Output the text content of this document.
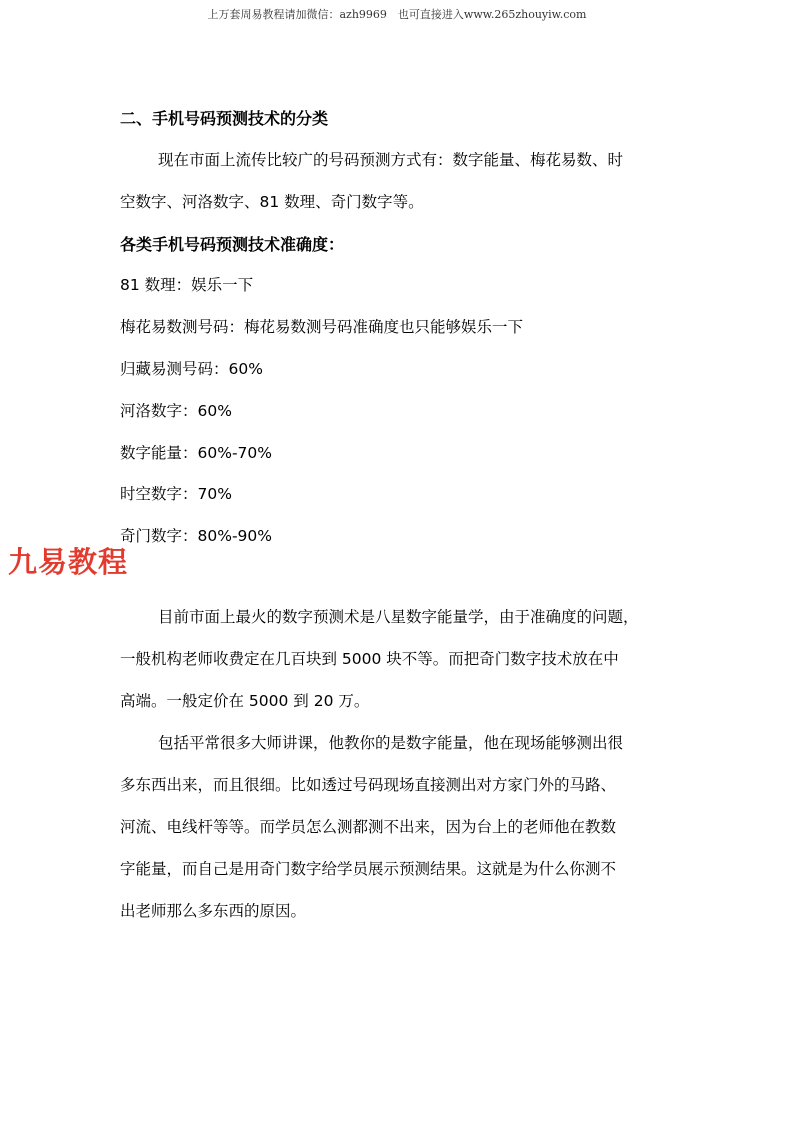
上万套周易教程请加微信：azh9969　也可直接进入www.265zhouyiw.com
二、手机号码预测技术的分类
现在市面上流传比较广的号码预测方式有：数字能量、梅花易数、时
空数字、河洛数字、81 数理、奇门数字等。
各类手机号码预测技术准确度：
81 数理：娱乐一下
梅花易数测号码：梅花易数测号码准确度也只能够娱乐一下
归藏易测号码：60%
河洛数字：60%
数字能量：60%-70%
时空数字：70%
奇门数字：80%-90%
目前市面上最火的数字预测术是八星数字能量学，由于准确度的问题，
一般机构老师收费定在几百块到 5000 块不等。而把奇门数字技术放在中
高端。一般定价在 5000 到 20 万。
包括平常很多大师讲课，他教你的是数字能量，他在现场能够测出很
多东西出来，而且很细。比如透过号码现场直接测出对方家门外的马路、
河流、电线杆等等。而学员怎么测都测不出来，因为台上的老师他在教数
字能量，而自己是用奇门数字给学员展示预测结果。这就是为什么你测不
出老师那么多东西的原因。
九易教程
